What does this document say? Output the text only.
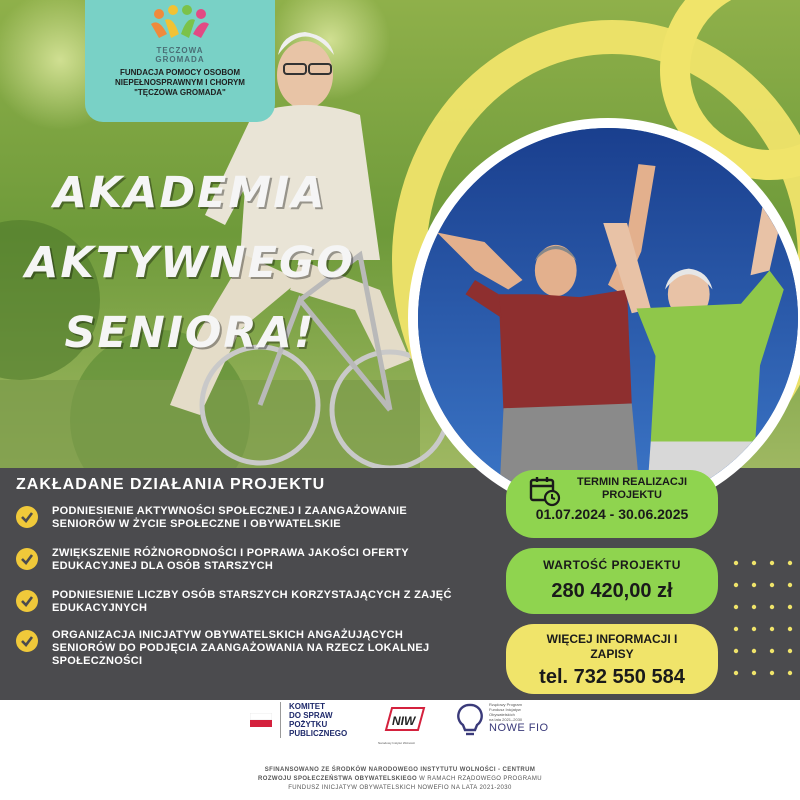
TĘCZOWA
GROMADA
FUNDACJA POMOCY OSOBOM NIEPEŁNOSPRAWNYM I CHORYM "TĘCZOWA GROMADA"
AKADEMIA
AKTYWNEGO
SENIORA!
ZAKŁADANE DZIAŁANIA PROJEKTU
PODNIESIENIE AKTYWNOŚCI SPOŁECZNEJ I ZAANGAŻOWANIE SENIORÓW W ŻYCIE SPOŁECZNE I OBYWATELSKIE
ZWIĘKSZENIE RÓŻNORODNOŚCI I POPRAWA JAKOŚCI OFERTY EDUKACYJNEJ DLA OSÓB STARSZYCH
PODNIESIENIE LICZBY OSÓB STARSZYCH KORZYSTAJĄCYCH Z ZAJĘĆ EDUKACYJNYCH
ORGANIZACJA INICJATYW OBYWATELSKICH ANGAŻUJĄCYCH SENIORÓW DO PODJĘCIA ZAANGAŻOWANIA NA RZECZ LOKALNEJ SPOŁECZNOŚCI
TERMIN REALIZACJI
PROJEKTU
01.07.2024 - 30.06.2025
WARTOŚĆ PROJEKTU
280 420,00 zł
WIĘCEJ INFORMACJI I
ZAPISY
tel. 732 550 584
KOMITET
DO SPRAW
POŻYTKU
PUBLICZNEGO
NIW
Narodowy Instytut Wolności
Rządowy Program
Fundusz Inicjatyw
Obywatelskich
na lata 2021–2030
NOWE FIO
SFINANSOWANO ZE ŚRODKÓW NARODOWEGO INSTYTUTU WOLNOŚCI - CENTRUM
ROZWOJU SPOŁECZEŃSTWA OBYWATELSKIEGO W RAMACH RZĄDOWEGO PROGRAMU
FUNDUSZ INICJATYW OBYWATELSKICH NOWEFIO NA LATA 2021-2030
